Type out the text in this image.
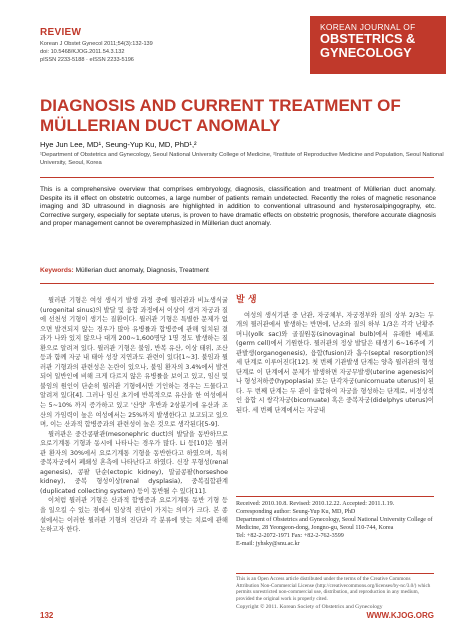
REVIEW
Korean J Obstet Gynecol 2011;54(3):132-139
doi: 10.5468/KJOG.2011.54.3.132
pISSN 2233-5188 · eISSN 2233-5196
KOREAN JOURNAL OF
OBSTETRICS &
GYNECOLOGY
DIAGNOSIS AND CURRENT TREATMENT OF MÜLLERIAN DUCT ANOMALY
Hye Jun Lee, MD¹, Seung-Yup Ku, MD, PhD¹,²
¹Department of Obstetrics and Gynecology, Seoul National University College of Medicine, ²Institute of Reproductive Medicine and Population, Seoul National University, Seoul, Korea
This is a comprehensive overview that comprises embryology, diagnosis, classification and treatment of Müllerian duct anomaly. Despite its ill effect on obstetric outcomes, a large number of patients remain undetected. Recently the roles of magnetic resonance imaging and 3D ultrasound in diagnosis are highlighted in addition to conventional ultrasound and hysterosalpingography, etc. Corrective surgery, especially for septate uterus, is proven to have dramatic effects on obstetric prognosis, therefore accurate diagnosis and proper management cannot be overemphasized in Müllerian duct anomaly.
Keywords: Müllerian duct anomaly, Diagnosis, Treatment

뮐러관 기형은 여성 생식기 발생 과정 중에 뮐러관과 비뇨생식굴(urogenital sinus)의 발달 및 융합 과정에서 이상이 생겨 자궁과 질에 선천성 기형이 생기는 질환이다. 뮐러관 기형은 특별한 문제가 없으면 발견되지 않는 경우가 많아 유병률과 합병증에 관해 일치된 결과가 나와 있지 않으나 대개 200~1,600명당 1명 정도 발생하는 질환으로 알려져 있다. 뮐러관 기형은 불임, 반복 유산, 이상 태위, 조산 등과 함께 자궁 내 태아 성장 지연과도 관련이 있다[1~3]. 불임과 뮐러관 기형과의 관련성은 논란이 있으나, 불임 환자의 3.4%에서 발견되어 일반인에 비해 크게 다르지 않은 유병률을 보이고 있고, 임신 및 불임의 원인이 단순히 뮐러관 기형에서만 기인하는 경우는 드물다고 알려져 있다[4]. 그러나 임신 초기에 반복적으로 유산을 한 여성에서는 5~10% 까지 증가하고 있고 '산양' 후반과 2삼분기에 유산과 조산의 가임력이 높은 여성에서는 25%까지 발생한다고 보고되고 있으며, 이는 산과적 합병증과의 관련성이 높은 것으로 생각된다[5-9].

뮐러관은 중간콩팥관(mesonephric duct)의 발달을 동반하므로 요로기계통 기형과 동시에 나타나는 경우가 많다. Li 등[10]은 뮐러관 환자의 30%에서 요로기계통 기형을 동반한다고 하였으며, 특히 중복자궁에서 폐쇄성 혼측에 나타난다고 하였다. 신장 무형성(renal agenesis), 콩팥 단순(ectopic kidney), 말굽콩팥(horseshoe kidney), 중복 형성이상(renal dysplasia), 중복집합관계(duplicated collecting system) 등이 동반될 수 있다[11].

이처럼 뮐러관 기형은 산과적 합병증과 요로기계통 동반 기형 등을 일으킬 수 있는 점에서 임상적 진단이 가지는 의미가 크다. 본 종설에서는 이러한 뮐러관 기형의 진단과 각 분류에 맞는 치료에 관해 논하고자 한다.

발 생

여성의 생식기관 중 난관, 자궁체부, 자궁경부와 질의 상부 2/3는 두 개의 뮐러관에서 발생하는 반면에, 난소와 질의 하부 1/3은 각각 난황주머니(yolk sac)와 골질원동(sinovaginal bulb)에서 유래한 배세포(germ cell)에서 기원한다. 뮐러관의 정상 발달은 태생기 6~16주에 기관발생(organogenesis), 융합(fusion)과 흡수(septal resorption)의 세 단계로 이루어진다[12]. 첫 번째 기관발생 단계는 양측 뮐러관의 형성 단계로 이 단계에서 문제가 발생하면 자궁무발생(uterine agenesis)이나 형성저하증(hypoplasia) 또는 단각자궁(unicornuate uterus)이 된다. 두 번째 단계는 두 관이 융합하여 자궁을 형성하는 단계로, 비정상적인 융합 시 쌍각자궁(bicornuate) 혹은 중복자궁(didelphys uterus)이 된다. 세 번째 단계에서는 자궁내

Received: 2010.10.8. Revised: 2010.12.22. Accepted: 2011.1.19.
Corresponding author: Seung-Yup Ku, MD, PhD
Department of Obstetrics and Gynecology, Seoul National University College of Medicine, 28 Yeongeon-dong, Jongno-gu, Seoul 110-744, Korea
Tel: +82-2-2072-1971 Fax: +82-2-762-3599
E-mail: jyhsky@snu.ac.kr
This is an Open Access article distributed under the terms of the Creative Commons Attribution Non-Commercial License (http://creativecommons.org/licenses/by-nc/3.0/) which permits unrestricted non-commercial use, distribution, and reproduction in any medium, provided the original work is properly cited.
Copyright © 2011. Korean Society of Obstetrics and Gynecology
132	WWW.KJOG.ORG
